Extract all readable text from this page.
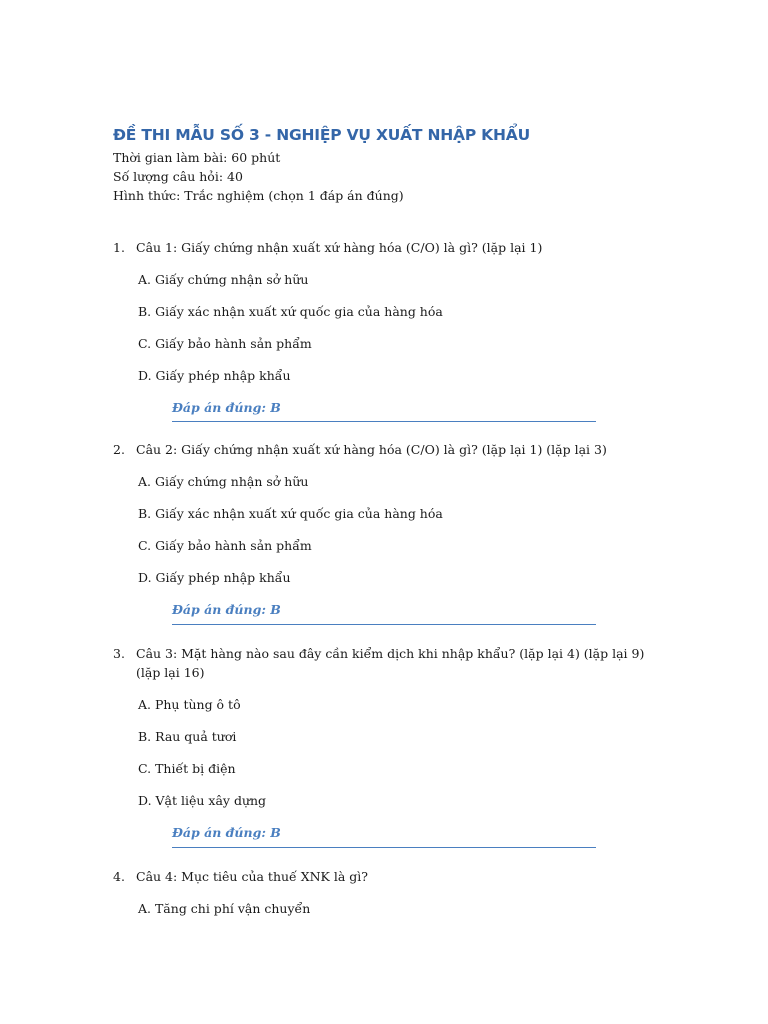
ĐỀ THI MẪU SỐ 3 - NGHIỆP VỤ XUẤT NHẬP KHẨU
Thời gian làm bài: 60 phút
Số lượng câu hỏi: 40
Hình thức: Trắc nghiệm (chọn 1 đáp án đúng)
1. Câu 1: Giấy chứng nhận xuất xứ hàng hóa (C/O) là gì? (lặp lại 1)
A. Giấy chứng nhận sở hữu
B. Giấy xác nhận xuất xứ quốc gia của hàng hóa
C. Giấy bảo hành sản phẩm
D. Giấy phép nhập khẩu
Đáp án đúng: B
2. Câu 2: Giấy chứng nhận xuất xứ hàng hóa (C/O) là gì? (lặp lại 1) (lặp lại 3)
A. Giấy chứng nhận sở hữu
B. Giấy xác nhận xuất xứ quốc gia của hàng hóa
C. Giấy bảo hành sản phẩm
D. Giấy phép nhập khẩu
Đáp án đúng: B
3. Câu 3: Mặt hàng nào sau đây cần kiểm dịch khi nhập khẩu? (lặp lại 4) (lặp lại 9) (lặp lại 16)
A. Phụ tùng ô tô
B. Rau quả tươi
C. Thiết bị điện
D. Vật liệu xây dựng
Đáp án đúng: B
4. Câu 4: Mục tiêu của thuế XNK là gì?
A. Tăng chi phí vận chuyển
